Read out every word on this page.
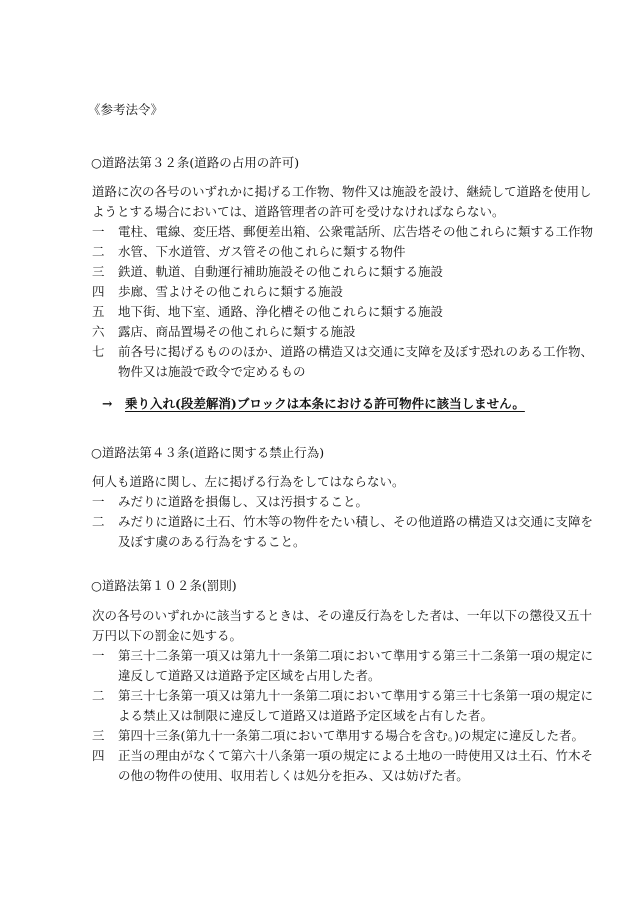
《参考法令》
○道路法第３２条(道路の占用の許可)
道路に次の各号のいずれかに掲げる工作物、物件又は施設を設け、継続して道路を使用し
ようとする場合においては、道路管理者の許可を受けなければならない。
一 電柱、電線、変圧塔、郵便差出箱、公衆電話所、広告塔その他これらに類する工作物
二 水管、下水道管、ガス管その他これらに類する物件
三 鉄道、軌道、自動運行補助施設その他これらに類する施設
四 歩廊、雪よけその他これらに類する施設
五 地下街、地下室、通路、浄化槽その他これらに類する施設
六 露店、商品置場その他これらに類する施設
七 前各号に掲げるもののほか、道路の構造又は交通に支障を及ぼす恐れのある工作物、
物件又は施設で政令で定めるもの
→　 乗り入れ(段差解消)ブロックは本条における許可物件に該当しません。
○道路法第４３条(道路に関する禁止行為)
何人も道路に関し、左に掲げる行為をしてはならない。
一 みだりに道路を損傷し、又は汚損すること。
二 みだりに道路に土石、竹木等の物件をたい積し、その他道路の構造又は交通に支障を
及ぼす虞のある行為をすること。
○道路法第１０２条(罰則)
次の各号のいずれかに該当するときは、その違反行為をした者は、一年以下の懲役又五十
万円以下の罰金に処する。
一 第三十二条第一項又は第九十一条第二項において準用する第三十二条第一項の規定に
違反して道路又は道路予定区域を占用した者。
二 第三十七条第一項又は第九十一条第二項において準用する第三十七条第一項の規定に
よる禁止又は制限に違反して道路又は道路予定区域を占有した者。
三 第四十三条(第九十一条第二項において準用する場合を含む。)の規定に違反した者。
四 正当の理由がなくて第六十八条第一項の規定による土地の一時使用又は土石、竹木そ
の他の物件の使用、収用若しくは処分を拒み、又は妨げた者。
